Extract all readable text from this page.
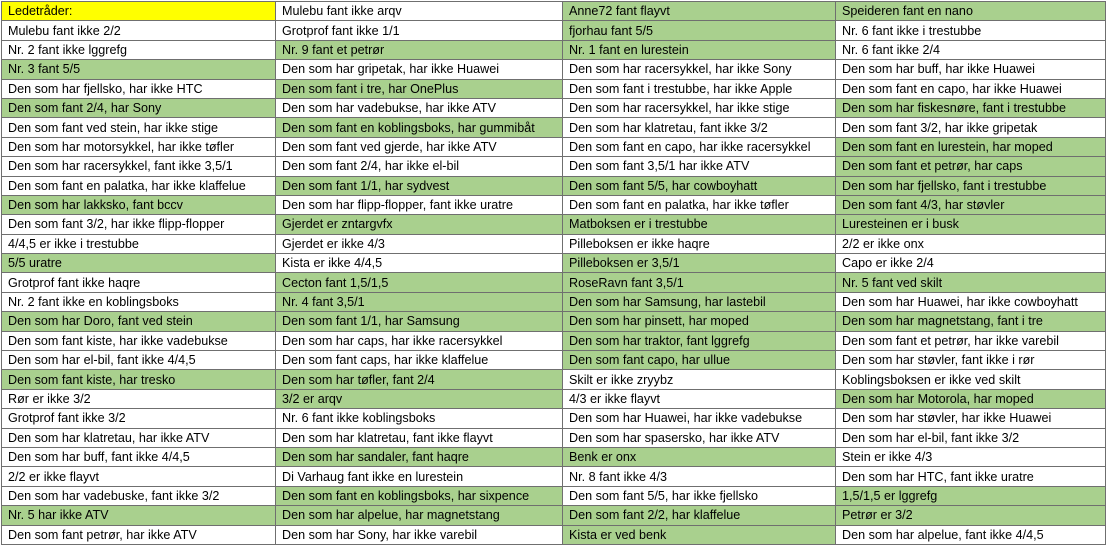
Ledetråder:	Mulebu fant ikke arqv	Anne72 fant flayvt	Speideren fant en nano
Mulebu fant ikke 2/2	Grotprof fant ikke 1/1	fjorhau fant 5/5	Nr. 6 fant ikke i trestubbe
Nr. 2 fant ikke lggrefg	Nr. 9 fant et petrør	Nr. 1 fant en lurestein	Nr. 6 fant ikke 2/4
Nr. 3 fant 5/5	Den som har gripetak, har ikke Huawei	Den som har racersykkel, har ikke Sony	Den som har buff, har ikke Huawei
Den som har fjellsko, har ikke HTC	Den som fant i tre, har OnePlus	Den som fant i trestubbe, har ikke Apple	Den som fant en capo, har ikke Huawei
Den som fant 2/4, har Sony	Den som har vadebukse, har ikke ATV	Den som har racersykkel, har ikke stige	Den som har fiskesnøre, fant i trestubbe
Den som fant ved stein, har ikke stige	Den som fant en koblingsboks, har gummibåt	Den som har klatretau, fant ikke 3/2	Den som fant 3/2, har ikke gripetak
Den som har motorsykkel, har ikke tøfler	Den som fant ved gjerde, har ikke ATV	Den som fant en capo, har ikke racersykkel	Den som fant en lurestein, har moped
Den som har racersykkel, fant ikke 3,5/1	Den som fant 2/4, har ikke el-bil	Den som fant 3,5/1 har ikke ATV	Den som fant et petrør, har caps
Den som fant en palatka, har ikke klaffelue	Den som fant 1/1, har sydvest	Den som fant 5/5, har cowboyhatt	Den som har fjellsko, fant i trestubbe
Den som har lakksko, fant bccv	Den som har flipp-flopper, fant ikke uratre	Den som fant en palatka, har ikke tøfler	Den som fant 4/3, har støvler
Den som fant 3/2, har ikke flipp-flopper	Gjerdet er zntargvfx	Matboksen er i trestubbe	Luresteinen er i busk
4/4,5 er ikke i trestubbe	Gjerdet er ikke 4/3	Pilleboksen er ikke haqre	2/2 er ikke onx
5/5 uratre	Kista er ikke 4/4,5	Pilleboksen er 3,5/1	Capo er ikke 2/4
Grotprof fant ikke haqre	Cecton fant 1,5/1,5	RoseRavn fant 3,5/1	Nr. 5 fant ved skilt
Nr. 2 fant ikke en koblingsboks	Nr. 4 fant 3,5/1	Den som har Samsung, har lastebil	Den som har Huawei, har ikke cowboyhatt
Den som har Doro, fant ved stein	Den som fant 1/1, har Samsung	Den som har pinsett, har moped	Den som har magnetstang, fant i tre
Den som fant kiste, har ikke vadebukse	Den som har caps, har ikke racersykkel	Den som har traktor, fant lggrefg	Den som fant et petrør, har ikke varebil
Den som har el-bil, fant ikke 4/4,5	Den som fant caps, har ikke klaffelue	Den som fant capo, har ullue	Den som har støvler, fant ikke i rør
Den som fant kiste, har tresko	Den som har tøfler, fant 2/4	Skilt er ikke zryybz	Koblingsboksen er ikke ved skilt
Rør er ikke 3/2	3/2 er arqv	4/3 er ikke flayvt	Den som har Motorola, har moped
Grotprof fant ikke 3/2	Nr. 6 fant ikke koblingsboks	Den som har Huawei, har ikke vadebukse	Den som har støvler, har ikke Huawei
Den som har klatretau, har ikke ATV	Den som har klatretau, fant ikke flayvt	Den som har spasersko, har ikke ATV	Den som har el-bil, fant ikke 3/2
Den som har buff, fant ikke 4/4,5	Den som har sandaler, fant haqre	Benk er onx	Stein er ikke 4/3
2/2 er ikke flayvt	Di Varhaug fant ikke en lurestein	Nr. 8 fant ikke 4/3	Den som har HTC, fant ikke uratre
Den som har vadebuske, fant ikke 3/2	Den som fant en koblingsboks, har sixpence	Den som fant 5/5, har ikke fjellsko	1,5/1,5 er lggrefg
Nr. 5 har ikke ATV	Den som har alpelue, har magnetstang	Den som fant 2/2, har klaffelue	Petrør er 3/2
Den som fant petrør, har ikke ATV	Den som har Sony, har ikke varebil	Kista er ved benk	Den som har alpelue, fant ikke 4/4,5
